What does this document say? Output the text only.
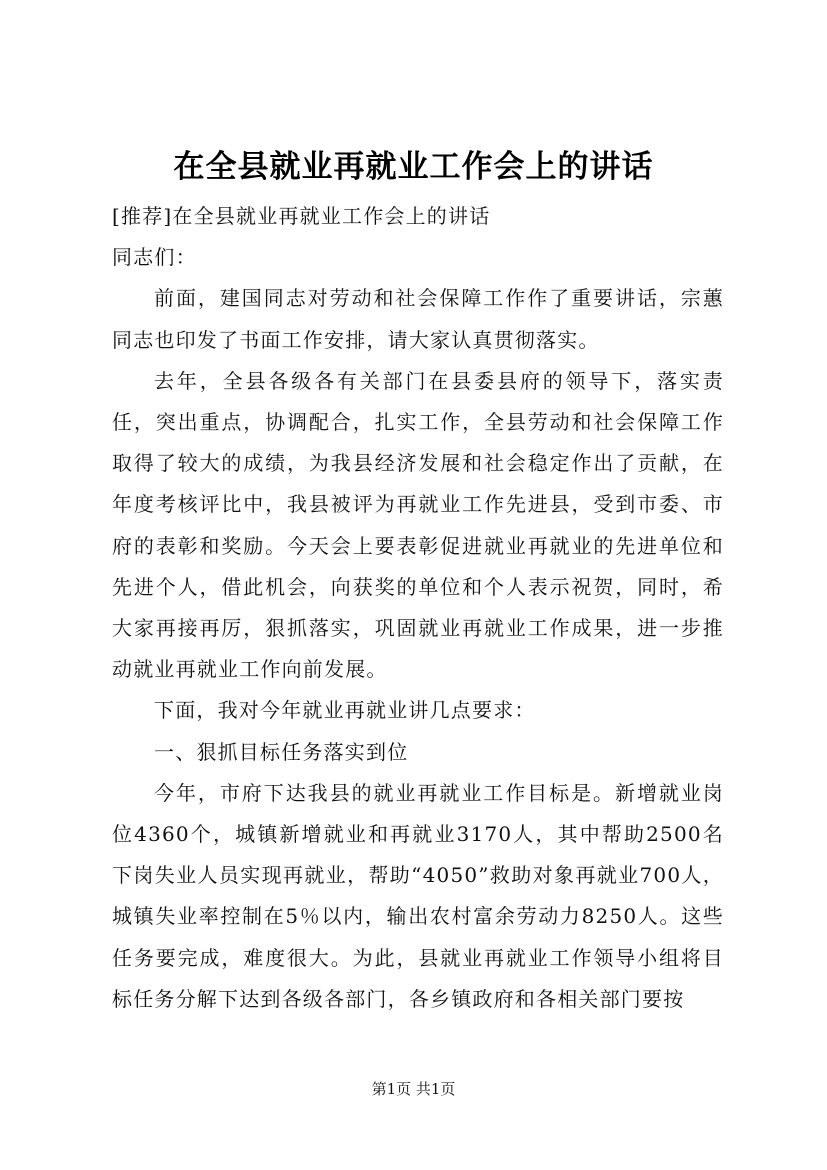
在全县就业再就业工作会上的讲话

[推荐]在全县就业再就业工作会上的讲话

同志们：

前面，建国同志对劳动和社会保障工作作了重要讲话，宗蕙同志也印发了书面工作安排，请大家认真贯彻落实。

去年，全县各级各有关部门在县委县府的领导下，落实责任，突出重点，协调配合，扎实工作，全县劳动和社会保障工作取得了较大的成绩，为我县经济发展和社会稳定作出了贡献，在年度考核评比中，我县被评为再就业工作先进县，受到市委、市府的表彰和奖励。今天会上要表彰促进就业再就业的先进单位和先进个人，借此机会，向获奖的单位和个人表示祝贺，同时，希大家再接再厉，狠抓落实，巩固就业再就业工作成果，进一步推动就业再就业工作向前发展。

下面，我对今年就业再就业讲几点要求：

一、狠抓目标任务落实到位

今年，市府下达我县的就业再就业工作目标是。新增就业岗位4360个，城镇新增就业和再就业3170人，其中帮助2500名下岗失业人员实现再就业，帮助“4050”救助对象再就业700人，城镇失业率控制在5％以内，输出农村富余劳动力8250人。这些任务要完成，难度很大。为此，县就业再就业工作领导小组将目标任务分解下达到各级各部门，各乡镇政府和各相关部门要按

第1页 共1页
